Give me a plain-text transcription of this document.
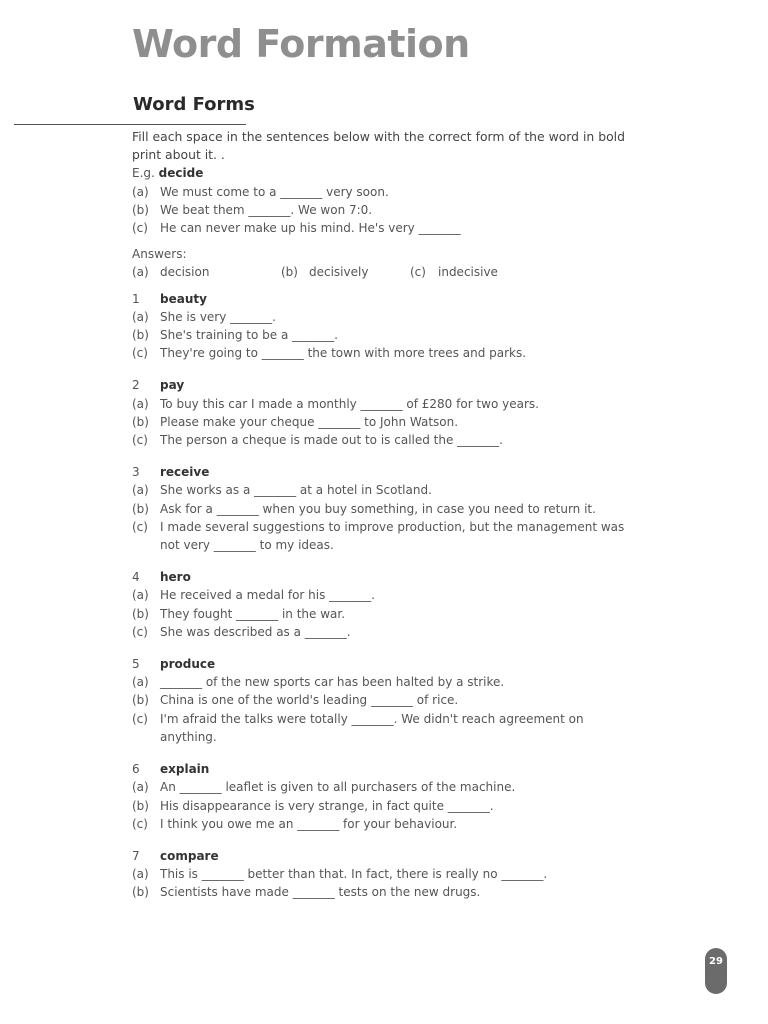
Word Formation
Word Forms

Fill each space in the sentences below with the correct form of the word in bold print about it. .

E.g.
decide
(a) We must come to a _______ very soon.
(b) We beat them _______. We won 7:0.
(c)	He can never make up his mind. He's very _______

Answers:

(a) decision	(b) decisively	(c)	indecisive
1	beauty
(a) She is very _______.
(b) She's training to be a _______.
(c)	They're going to _______ the town with more trees and parks.
2	pay
(a) To buy this car I made a monthly _______ of £280 for two years.
(b) Please make your cheque _______ to John Watson.
(c)	The person a cheque is made out to is called the _______.
3	receive
(a) She works as a _______ at a hotel in Scotland.
(b) Ask for a _______ when you buy something, in case you need to return it.
(c)	I made several suggestions to improve production, but the management was not very _______ to my ideas.
4	hero
(a) He received a medal for his _______.
(b) They fought _______ in the war.
(c)	She was described as a _______.
5	produce
(a) _______ of the new sports car has been halted by a strike.
(b) China is one of the world's leading _______ of rice.
(c)	I'm afraid the talks were totally _______. We didn't reach agreement on anything.
6	explain
(a) An _______ leaflet is given to all purchasers of the machine.
(b) His disappearance is very strange, in fact quite _______.
(c)	I think you owe me an _______ for your behaviour.
7	compare
(a) This is _______ better than that. In fact, there is really no _______.
(b) Scientists have made _______ tests on the new drugs.
29
